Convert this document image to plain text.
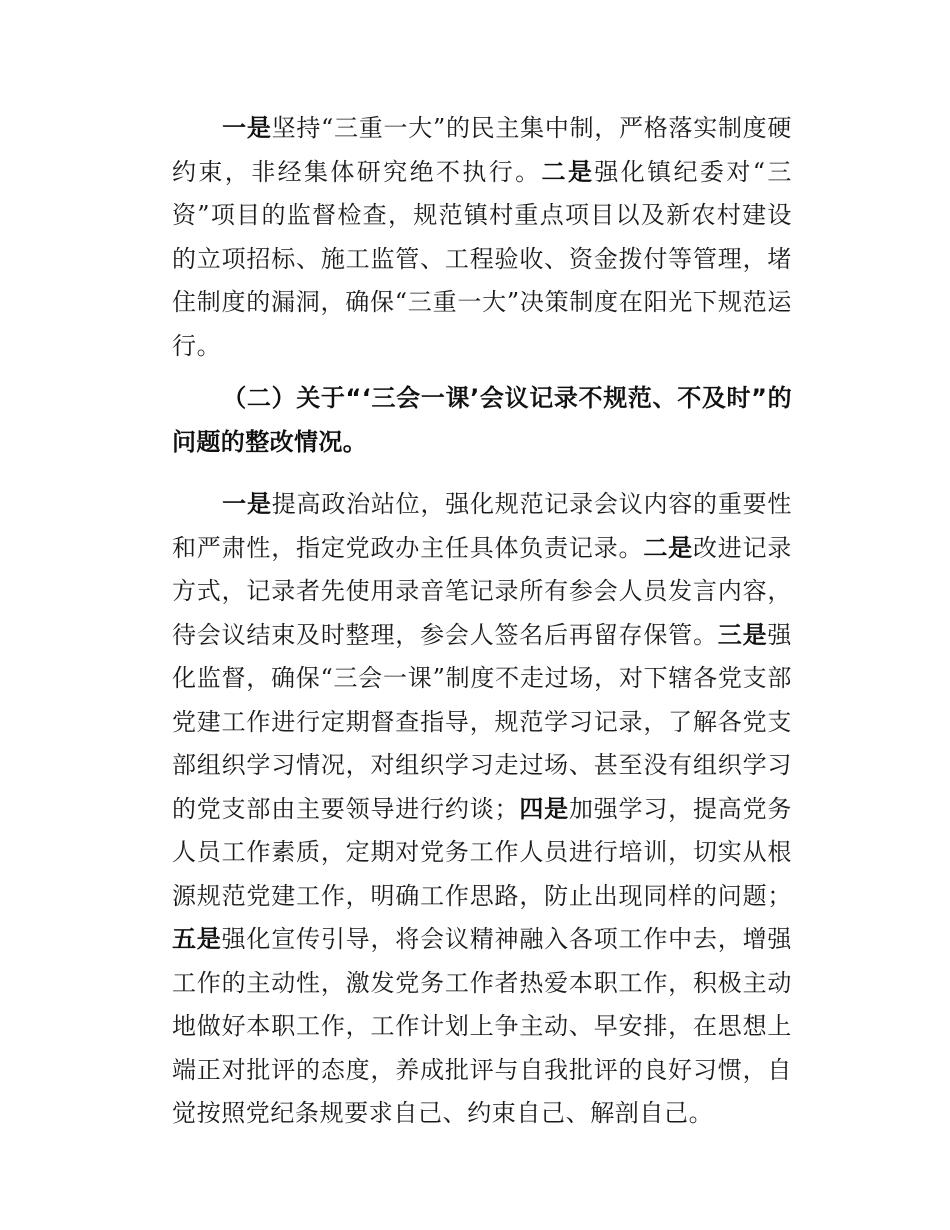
一是坚持“三重一大”的民主集中制，严格落实制度硬约束，非经集体研究绝不执行。二是强化镇纪委对“三资”项目的监督检查，规范镇村重点项目以及新农村建设的立项招标、施工监管、工程验收、资金拨付等管理，堵住制度的漏洞，确保“三重一大”决策制度在阳光下规范运行。

（二）关于“‘三会一课’会议记录不规范、不及时”的问题的整改情况。

一是提高政治站位，强化规范记录会议内容的重要性和严肃性，指定党政办主任具体负责记录。二是改进记录方式，记录者先使用录音笔记录所有参会人员发言内容，待会议结束及时整理，参会人签名后再留存保管。三是强化监督，确保“三会一课”制度不走过场，对下辖各党支部党建工作进行定期督查指导，规范学习记录，了解各党支部组织学习情况，对组织学习走过场、甚至没有组织学习的党支部由主要领导进行约谈；四是加强学习，提高党务人员工作素质，定期对党务工作人员进行培训，切实从根源规范党建工作，明确工作思路，防止出现同样的问题；五是强化宣传引导，将会议精神融入各项工作中去，增强工作的主动性，激发党务工作者热爱本职工作，积极主动地做好本职工作，工作计划上争主动、早安排，在思想上端正对批评的态度，养成批评与自我批评的良好习惯，自觉按照党纪条规要求自己、约束自己、解剖自己。
